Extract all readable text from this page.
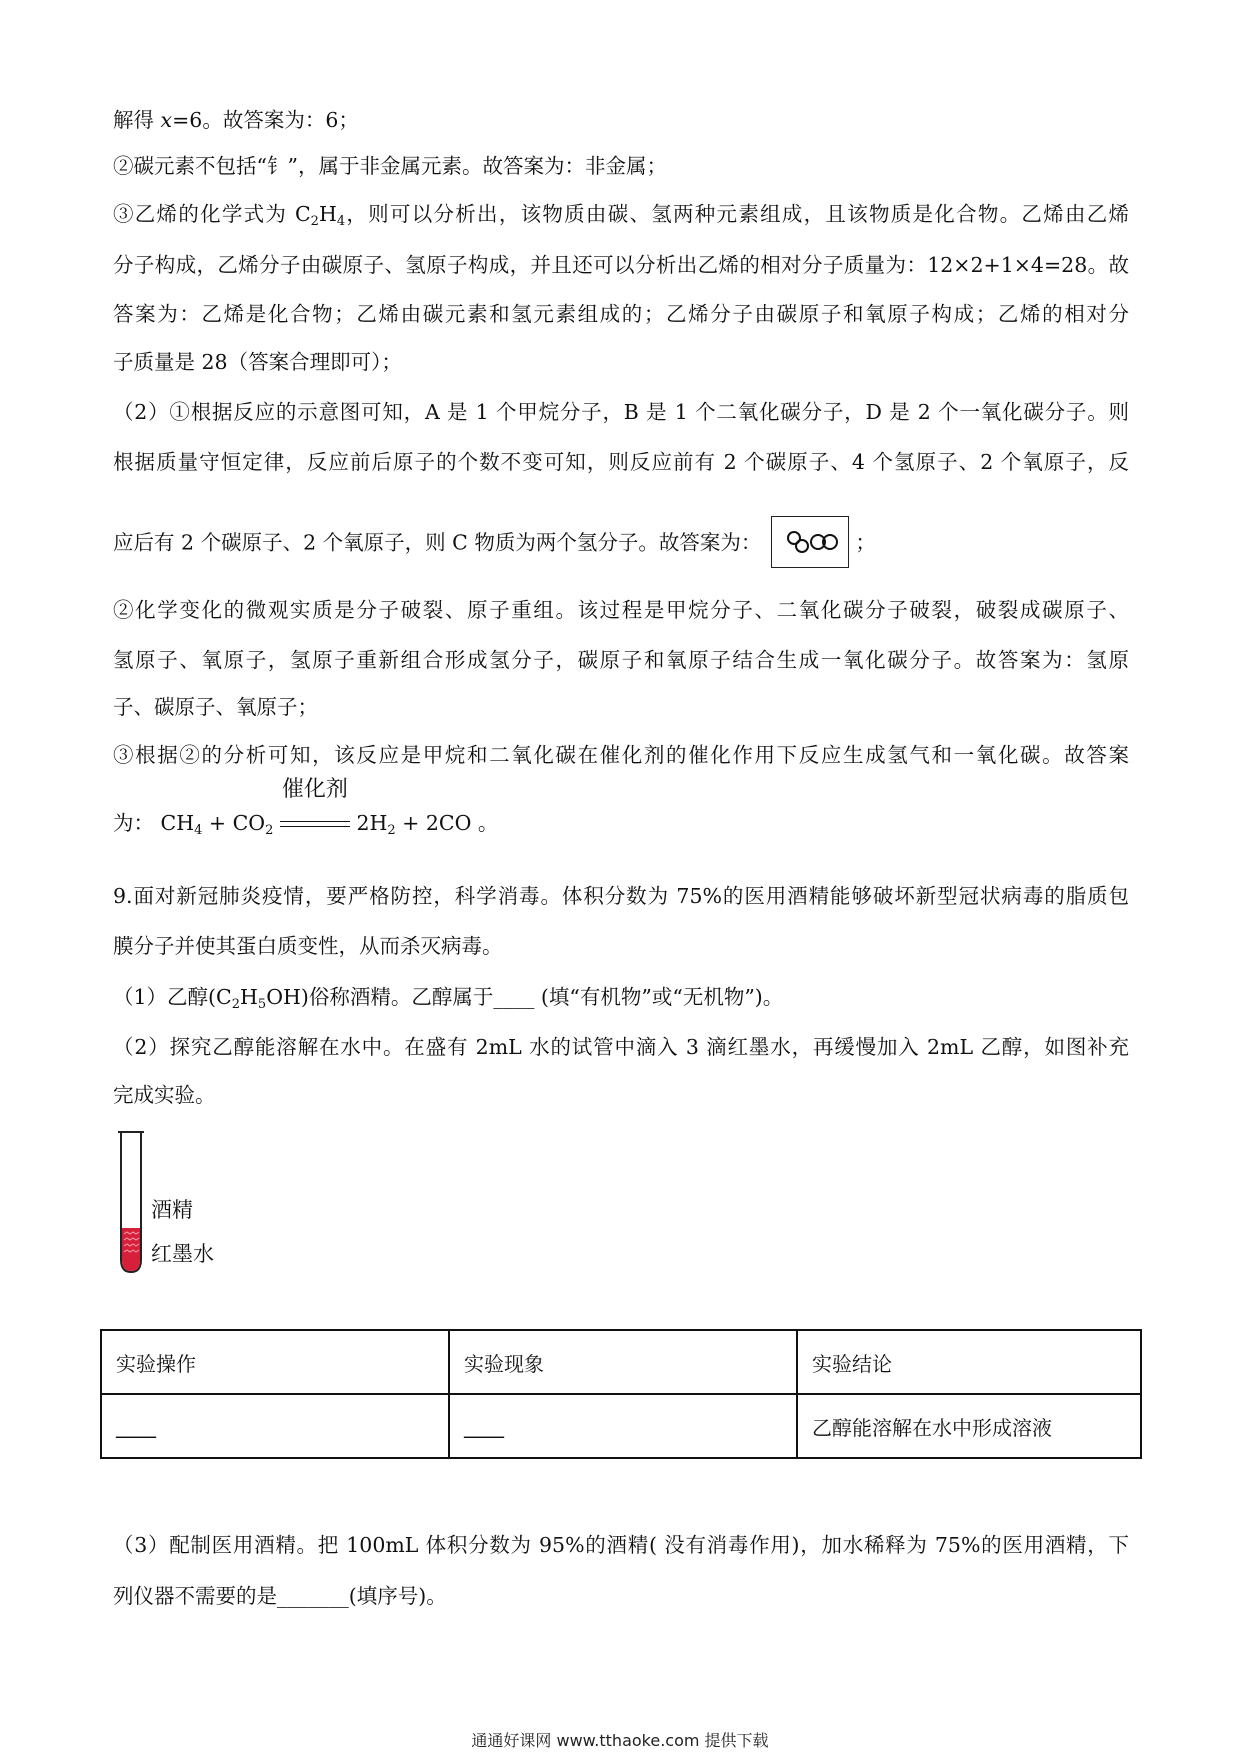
解得 x=6。故答案为：6；
②碳元素不包括“钅”，属于非金属元素。故答案为：非金属；
③乙烯的化学式为 $C_2H_4$，则可以分析出，该物质由碳、氢两种元素组成，且该物质是化合物。乙烯由乙烯
分子构成，乙烯分子由碳原子、氢原子构成，并且还可以分析出乙烯的相对分子质量为：12×2+1×4=28。故
答案为：乙烯是化合物；乙烯由碳元素和氢元素组成的；乙烯分子由碳原子和氧原子构成；乙烯的相对分
子质量是 28（答案合理即可）；
（2）①根据反应的示意图可知，A 是 1 个甲烷分子，B 是 1 个二氧化碳分子，D 是 2 个一氧化碳分子。则
根据质量守恒定律，反应前后原子的个数不变可知，则反应前有 2 个碳原子、4 个氢原子、2 个氧原子，反
应后有 2 个碳原子、2 个氧原子，则 C 物质为两个氢分子。故答案为：	；
②化学变化的微观实质是分子破裂、原子重组。该过程是甲烷分子、二氧化碳分子破裂，破裂成碳原子、
氢原子、氧原子，氢原子重新组合形成氢分子，碳原子和氧原子结合生成一氧化碳分子。故答案为：氢原
子、碳原子、氧原子；
③根据②的分析可知，该反应是甲烷和二氧化碳在催化剂的催化作用下反应生成氢气和一氧化碳。故答案
为： $CH_4 + CO_2$
催化剂
$2H_2 + 2CO$ 。
9.面对新冠肺炎疫情，要严格防控，科学消毒。体积分数为 75%的医用酒精能够破坏新型冠状病毒的脂质包
膜分子并使其蛋白质变性，从而杀灭病毒。
（1）乙醇$(C_2H_5OH)$俗称酒精。乙醇属于____ (填“有机物”或“无机物”)。
（2）探究乙醇能溶解在水中。在盛有 2mL 水的试管中滴入 3 滴红墨水，再缓慢加入 2mL 乙醇，如图补充
完成实验。
酒精
红墨水
实验操作	实验现象	实验结论
____	____	乙醇能溶解在水中形成溶液
（3）配制医用酒精。把 100mL 体积分数为 95%的酒精( 没有消毒作用)，加水稀释为 75%的医用酒精，下
列仪器不需要的是_______(填序号)。
通通好课网 www.tthaoke.com 提供下载
